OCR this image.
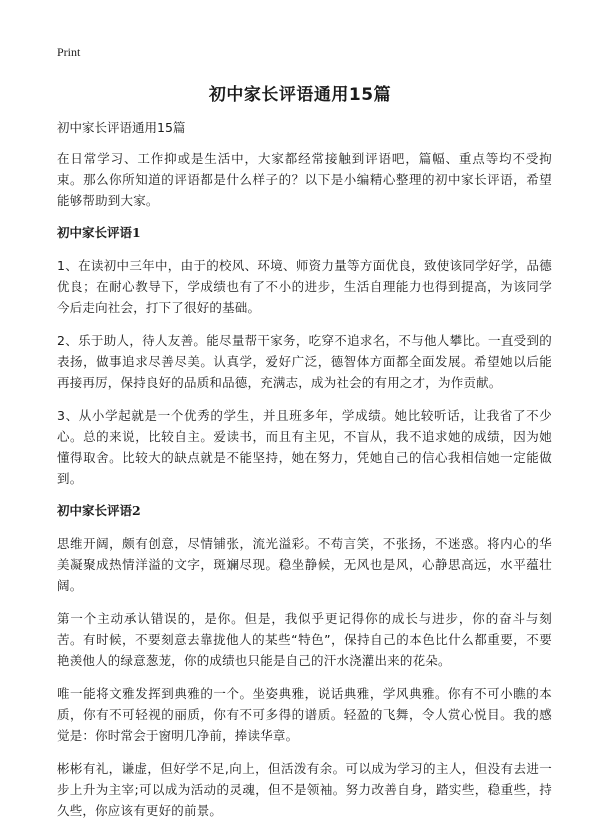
Print
初中家长评语通用15篇

初中家长评语通用15篇

在日常学习、工作抑或是生活中，大家都经常接触到评语吧，篇幅、重点等均不受拘束。那么你所知道的评语都是什么样子的？以下是小编精心整理的初中家长评语，希望能够帮助到大家。

初中家长评语1

1、在读初中三年中，由于的校风、环境、师资力量等方面优良，致使该同学好学，品德优良；在耐心教导下，学成绩也有了不小的进步，生活自理能力也得到提高，为该同学今后走向社会，打下了很好的基础。

2、乐于助人，待人友善。能尽量帮干家务，吃穿不追求名，不与他人攀比。一直受到的表扬，做事追求尽善尽美。认真学，爱好广泛，德智体方面都全面发展。希望她以后能再接再厉，保持良好的品质和品德，充满志，成为社会的有用之才，为作贡献。

3、从小学起就是一个优秀的学生，并且班多年，学成绩。她比较听话，让我省了不少心。总的来说，比较自主。爱读书，而且有主见，不盲从，我不追求她的成绩，因为她懂得取舍。比较大的缺点就是不能坚持，她在努力，凭她自己的信心我相信她一定能做到。

初中家长评语2

思维开阔，颇有创意，尽情铺张，流光溢彩。不苟言笑，不张扬，不迷惑。将内心的华美凝聚成热情洋溢的文字，斑斓尽现。稳坐静候，无风也是风，心静思高远，水平蕴壮阔。

第一个主动承认错误的，是你。但是，我似乎更记得你的成长与进步，你的奋斗与刻苦。有时候，不要刻意去靠拢他人的某些“特色”，保持自己的本色比什么都重要，不要艳羡他人的绿意葱茏，你的成绩也只能是自己的汗水浇灌出来的花朵。

唯一能将文雅发挥到典雅的一个。坐姿典雅，说话典雅，学风典雅。你有不可小瞧的本质，你有不可轻视的丽质，你有不可多得的谱质。轻盈的飞舞，令人赏心悦目。我的感觉是：你时常会于窗明几净前，捧读华章。

彬彬有礼，谦虚，但好学不足,向上，但活泼有余。可以成为学习的主人，但没有去进一步上升为主宰;可以成为活动的灵魂，但不是领袖。努力改善自身，踏实些，稳重些，持久些，你应该有更好的前景。
